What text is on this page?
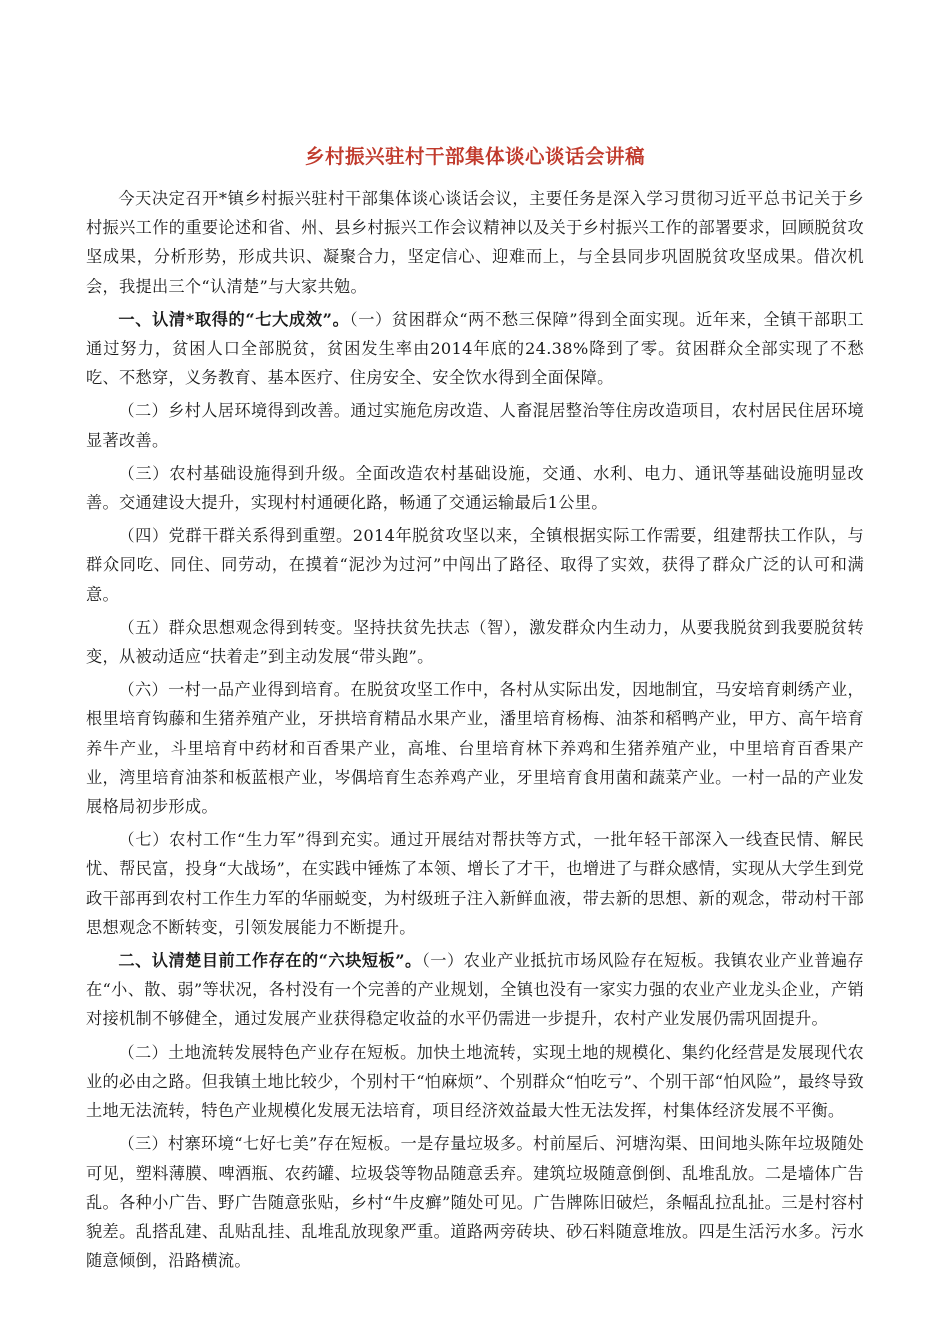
乡村振兴驻村干部集体谈心谈话会讲稿

今天决定召开*镇乡村振兴驻村干部集体谈心谈话会议，主要任务是深入学习贯彻习近平总书记关于乡村振兴工作的重要论述和省、州、县乡村振兴工作会议精神以及关于乡村振兴工作的部署要求，回顾脱贫攻坚成果，分析形势，形成共识、凝聚合力，坚定信心、迎难而上，与全县同步巩固脱贫攻坚成果。借次机会，我提出三个“认清楚”与大家共勉。

一、认清*取得的“七大成效”。（一）贫困群众“两不愁三保障”得到全面实现。近年来，全镇干部职工通过努力，贫困人口全部脱贫，贫困发生率由2014年底的24.38%降到了零。贫困群众全部实现了不愁吃、不愁穿，义务教育、基本医疗、住房安全、安全饮水得到全面保障。

（二）乡村人居环境得到改善。通过实施危房改造、人畜混居整治等住房改造项目，农村居民住居环境显著改善。

（三）农村基础设施得到升级。全面改造农村基础设施，交通、水利、电力、通讯等基础设施明显改善。交通建设大提升，实现村村通硬化路，畅通了交通运输最后1公里。

（四）党群干群关系得到重塑。2014年脱贫攻坚以来，全镇根据实际工作需要，组建帮扶工作队，与群众同吃、同住、同劳动，在摸着“泥沙为过河”中闯出了路径、取得了实效，获得了群众广泛的认可和满意。

（五）群众思想观念得到转变。坚持扶贫先扶志（智），激发群众内生动力，从要我脱贫到我要脱贫转变，从被动适应“扶着走”到主动发展“带头跑”。

（六）一村一品产业得到培育。在脱贫攻坚工作中，各村从实际出发，因地制宜，马安培育刺绣产业，根里培育钩藤和生猪养殖产业，牙拱培育精品水果产业，潘里培育杨梅、油茶和稻鸭产业，甲方、高午培育养牛产业，斗里培育中药材和百香果产业，高堆、台里培育林下养鸡和生猪养殖产业，中里培育百香果产业，湾里培育油茶和板蓝根产业，岑偶培育生态养鸡产业，牙里培育食用菌和蔬菜产业。一村一品的产业发展格局初步形成。

（七）农村工作“生力军”得到充实。通过开展结对帮扶等方式，一批年轻干部深入一线查民情、解民忧、帮民富，投身“大战场”，在实践中锤炼了本领、增长了才干，也增进了与群众感情，实现从大学生到党政干部再到农村工作生力军的华丽蜕变，为村级班子注入新鲜血液，带去新的思想、新的观念，带动村干部思想观念不断转变，引领发展能力不断提升。

二、认清楚目前工作存在的“六块短板”。（一）农业产业抵抗市场风险存在短板。我镇农业产业普遍存在“小、散、弱”等状况，各村没有一个完善的产业规划，全镇也没有一家实力强的农业产业龙头企业，产销对接机制不够健全，通过发展产业获得稳定收益的水平仍需进一步提升，农村产业发展仍需巩固提升。

（二）土地流转发展特色产业存在短板。加快土地流转，实现土地的规模化、集约化经营是发展现代农业的必由之路。但我镇土地比较少，个别村干“怕麻烦”、个别群众“怕吃亏”、个别干部“怕风险”，最终导致土地无法流转，特色产业规模化发展无法培育，项目经济效益最大性无法发挥，村集体经济发展不平衡。

（三）村寨环境“七好七美”存在短板。一是存量垃圾多。村前屋后、河塘沟渠、田间地头陈年垃圾随处可见，塑料薄膜、啤酒瓶、农药罐、垃圾袋等物品随意丢弃。建筑垃圾随意倒倒、乱堆乱放。二是墙体广告乱。各种小广告、野广告随意张贴，乡村“牛皮癣”随处可见。广告牌陈旧破烂，条幅乱拉乱扯。三是村容村貌差。乱搭乱建、乱贴乱挂、乱堆乱放现象严重。道路两旁砖块、砂石料随意堆放。四是生活污水多。污水随意倾倒，沿路横流。
